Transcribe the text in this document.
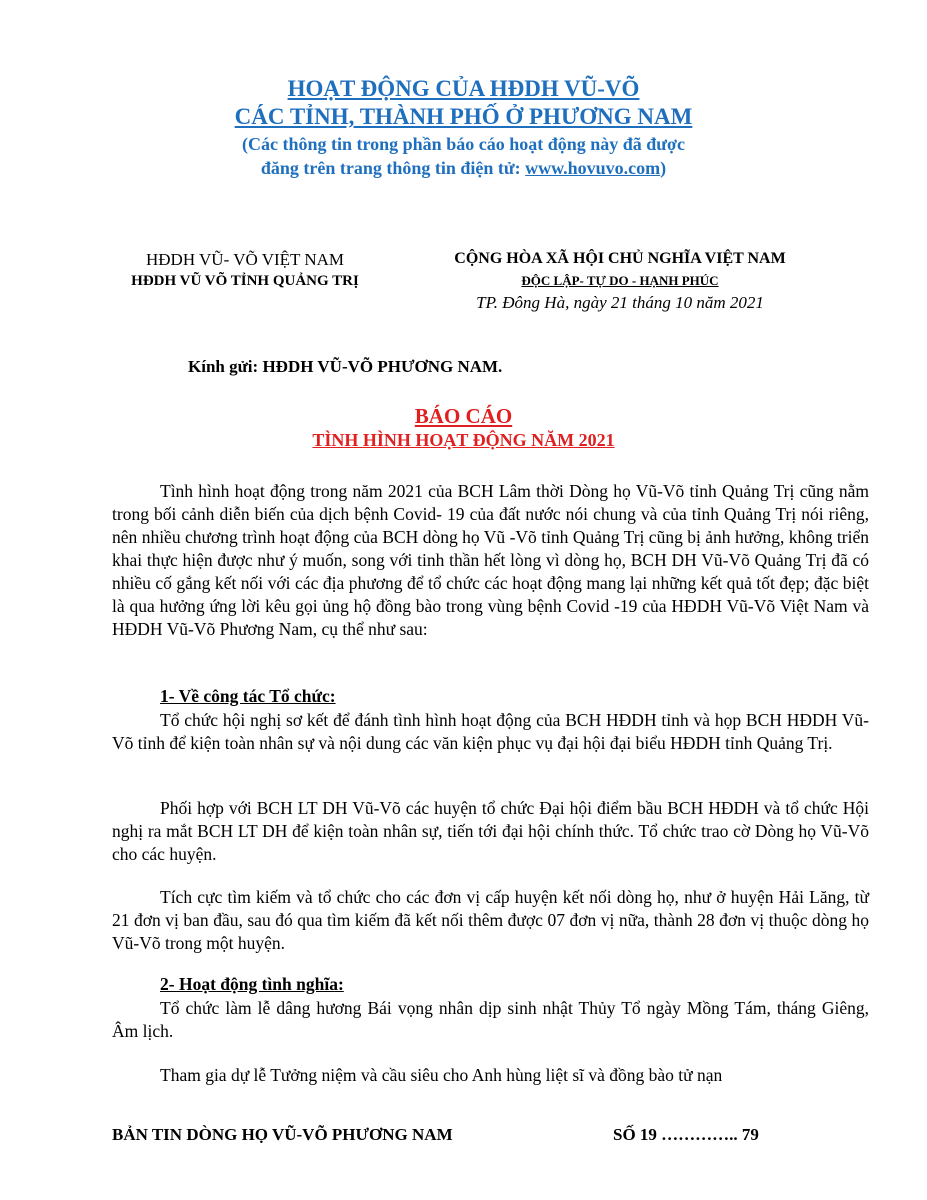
HOẠT ĐỘNG CỦA HĐDH VŨ-VÕ
CÁC TỈNH, THÀNH PHỐ Ở PHƯƠNG NAM
(Các thông tin trong phần báo cáo hoạt động này đã được
đăng trên trang thông tin điện tử: www.hovuvo.com)
HĐDH VŨ- VÕ VIỆT NAM
HĐDH VŨ VÕ TỈNH QUẢNG TRỊ
CỘNG HÒA XÃ HỘI CHỦ NGHĨA VIỆT NAM
ĐỘC LẬP- TỰ DO - HẠNH PHÚC
TP. Đông Hà, ngày 21 tháng 10 năm 2021
Kính gửi: HĐDH VŨ-VÕ PHƯƠNG NAM.
BÁO CÁO
TÌNH HÌNH HOẠT ĐỘNG NĂM 2021

Tình hình hoạt động trong năm 2021 của BCH Lâm thời Dòng họ Vũ-Võ tỉnh Quảng Trị cũng nằm trong bối cảnh diễn biến của dịch bệnh Covid- 19 của đất nước nói chung và của tỉnh Quảng Trị nói riêng, nên nhiều chương trình hoạt động của BCH dòng họ Vũ -Võ tỉnh Quảng Trị cũng bị ảnh hưởng, không triển khai thực hiện được như ý muốn, song với tinh thần hết lòng vì dòng họ, BCH DH Vũ-Võ Quảng Trị đã có nhiều cố gắng kết nối với các địa phương để tổ chức các hoạt động mang lại những kết quả tốt đẹp; đặc biệt là qua hưởng ứng lời kêu gọi ủng hộ đồng bào trong vùng bệnh Covid -19 của HĐDH Vũ-Võ Việt Nam và HĐDH Vũ-Võ Phương Nam, cụ thể như sau:

1- Về công tác Tổ chức:

Tổ chức hội nghị sơ kết để đánh tình hình hoạt động của BCH HĐDH tỉnh và họp BCH HĐDH Vũ-Võ tỉnh để kiện toàn nhân sự và nội dung các văn kiện phục vụ đại hội đại biểu HĐDH tỉnh Quảng Trị.

Phối hợp với BCH LT DH Vũ-Võ các huyện tổ chức Đại hội điểm bầu BCH HĐDH và tổ chức Hội nghị ra mắt BCH LT DH để kiện toàn nhân sự, tiến tới đại hội chính thức. Tổ chức trao cờ Dòng họ Vũ-Võ cho các huyện.

Tích cực tìm kiếm và tổ chức cho các đơn vị cấp huyện kết nối dòng họ, như ở huyện Hải Lăng, từ 21 đơn vị ban đầu, sau đó qua tìm kiếm đã kết nối thêm được 07 đơn vị nữa, thành 28 đơn vị thuộc dòng họ Vũ-Võ trong một huyện.

2- Hoạt động tình nghĩa:

Tổ chức làm lễ dâng hương Bái vọng nhân dịp sinh nhật Thủy Tổ ngày Mồng Tám, tháng Giêng, Âm lịch.

Tham gia dự lễ Tưởng niệm và cầu siêu cho Anh hùng liệt sĩ và đồng bào tử nạn

BẢN TIN DÒNG HỌ VŨ-VÕ PHƯƠNG NAM	SỐ 19 ………….. 79
